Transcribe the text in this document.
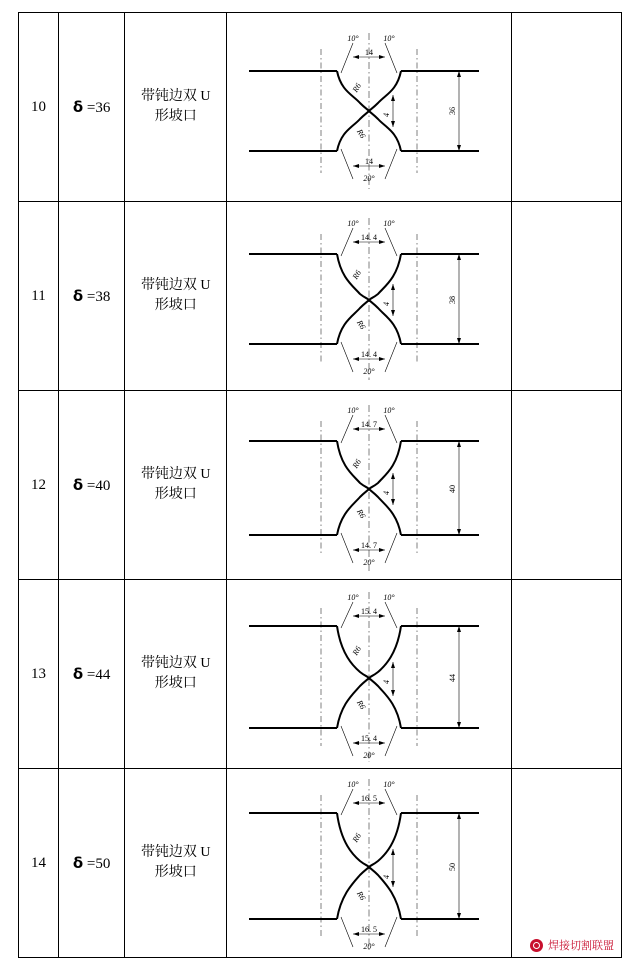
10	δ =36	
带钝边双 U
形坡口

14
10°	10°
14
20°
R6
R6
4	36

11	δ =38	
带钝边双 U
形坡口

14. 4
10°	10°
14. 4
20°
R6
R6
4	38

12	δ =40	
带钝边双 U
形坡口

14. 7
10°	10°
14. 7
20°
R6
R6
4	40

13	δ =44	
带钝边双 U
形坡口

15. 4
10°	10°
15. 4
20°
R6
R6
4	44

14	δ =50	
带钝边双 U
形坡口

16. 5
10°	10°
16. 5
20°
R6
R6
4
50

焊接切割联盟
